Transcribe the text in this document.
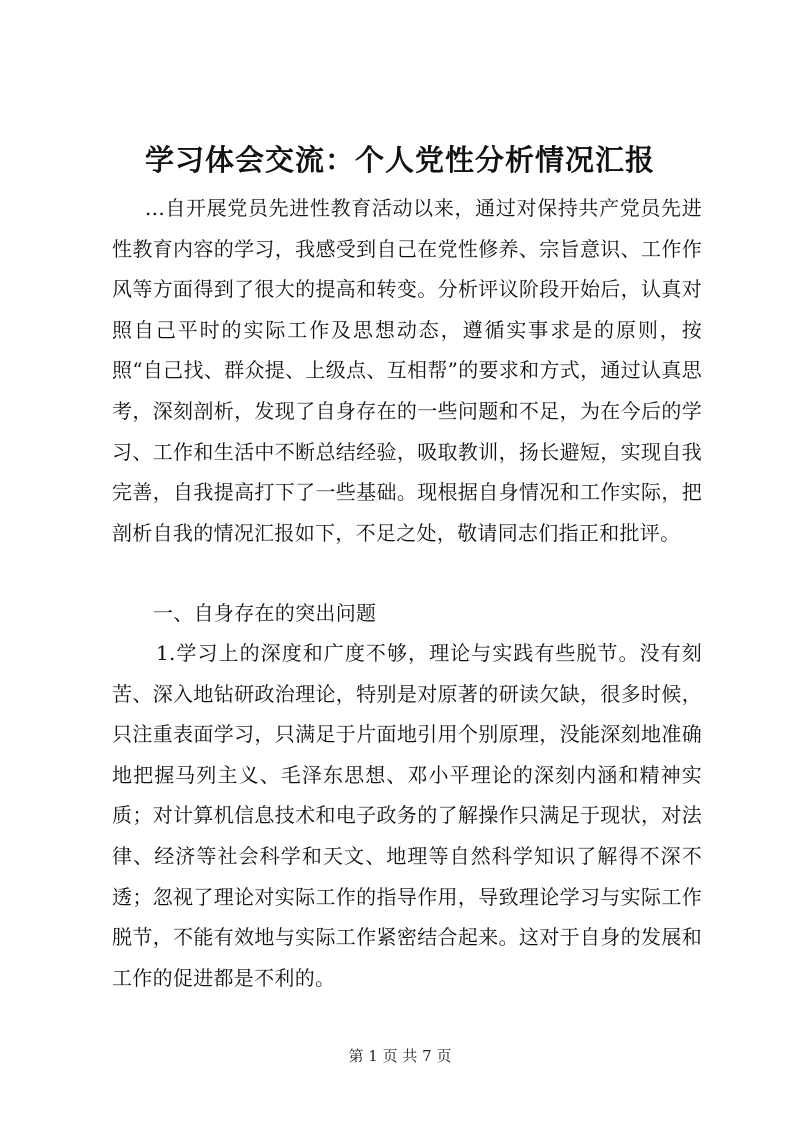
学习体会交流：个人党性分析情况汇报

...自开展党员先进性教育活动以来，通过对保持共产党员先进性教育内容的学习，我感受到自己在党性修养、宗旨意识、工作作风等方面得到了很大的提高和转变。分析评议阶段开始后，认真对照自己平时的实际工作及思想动态，遵循实事求是的原则，按照“自己找、群众提、上级点、互相帮”的要求和方式，通过认真思考，深刻剖析，发现了自身存在的一些问题和不足，为在今后的学习、工作和生活中不断总结经验，吸取教训，扬长避短，实现自我完善，自我提高打下了一些基础。现根据自身情况和工作实际，把剖析自我的情况汇报如下，不足之处，敬请同志们指正和批评。

一、自身存在的突出问题

1.学习上的深度和广度不够，理论与实践有些脱节。没有刻苦、深入地钻研政治理论，特别是对原著的研读欠缺，很多时候，只注重表面学习，只满足于片面地引用个别原理，没能深刻地准确地把握马列主义、毛泽东思想、邓小平理论的深刻内涵和精神实质；对计算机信息技术和电子政务的了解操作只满足于现状，对法律、经济等社会科学和天文、地理等自然科学知识了解得不深不透；忽视了理论对实际工作的指导作用，导致理论学习与实际工作脱节，不能有效地与实际工作紧密结合起来。这对于自身的发展和工作的促进都是不利的。

第 1 页 共 7 页
